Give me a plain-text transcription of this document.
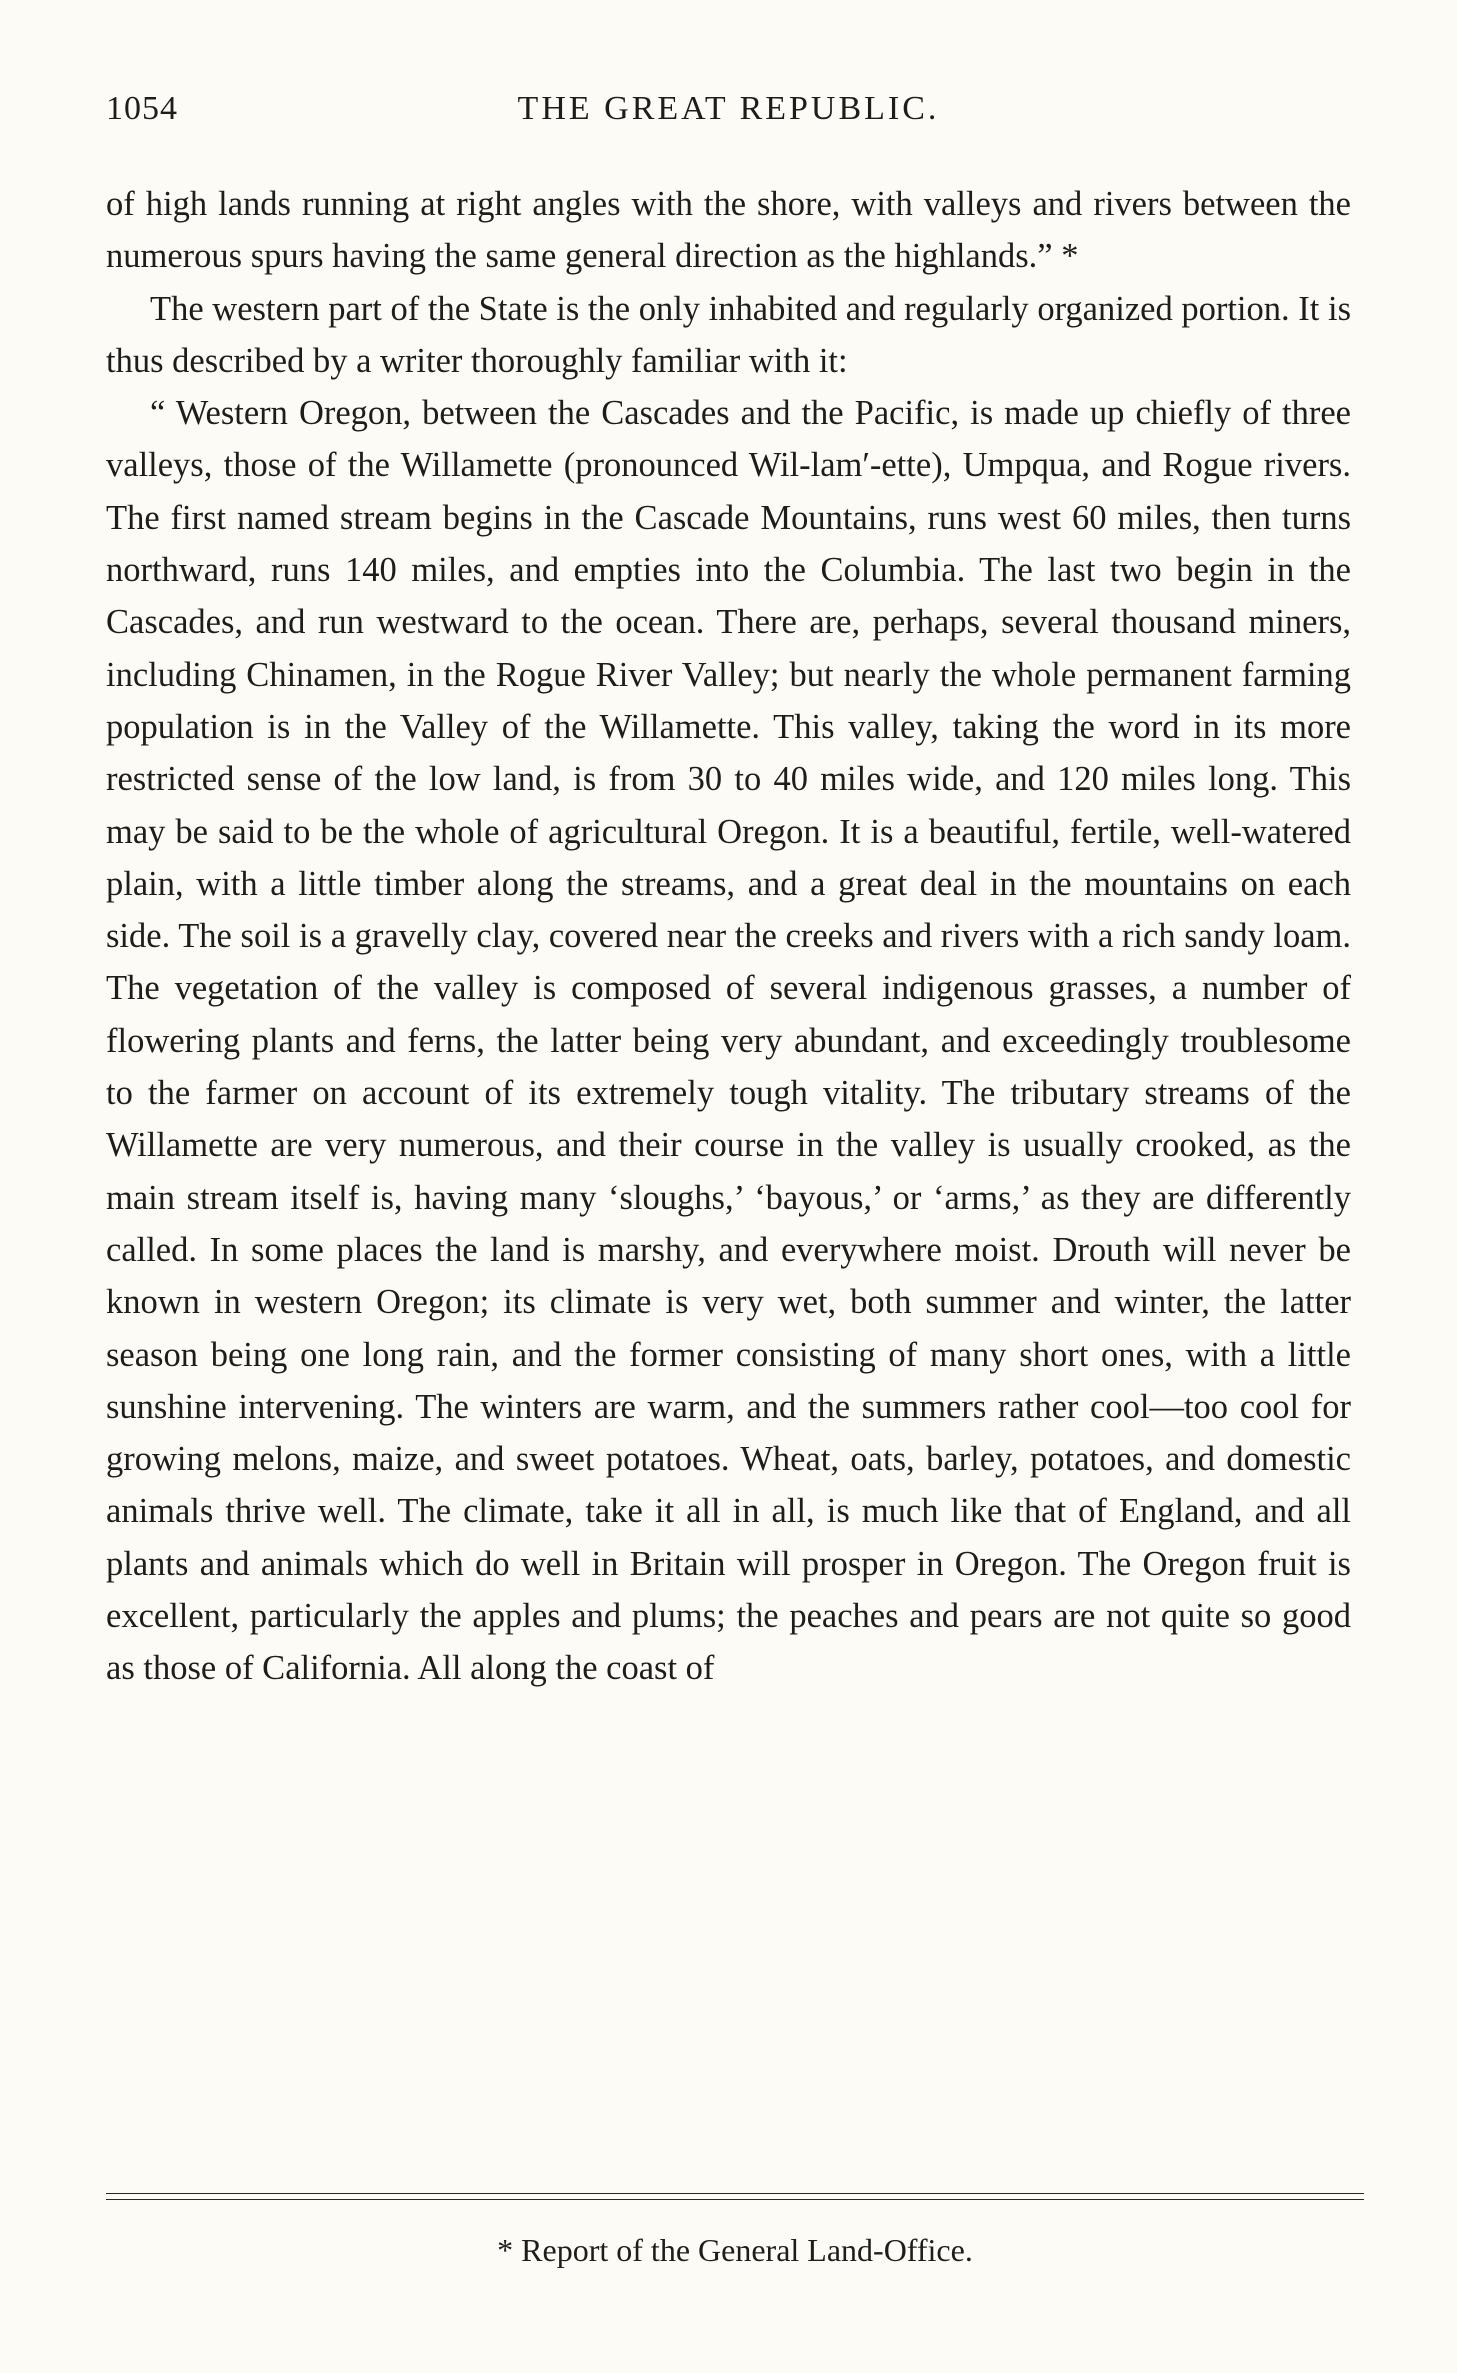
1054	THE GREAT REPUBLIC.

of high lands running at right angles with the shore, with valleys and rivers between the numerous spurs having the same general direction as the highlands.” *

The western part of the State is the only inhabited and regularly organized portion. It is thus described by a writer thoroughly familiar with it:

“ Western Oregon, between the Cascades and the Pacific, is made up chiefly of three valleys, those of the Willamette (pronounced Wil-lam′-ette), Umpqua, and Rogue rivers. The first named stream begins in the Cascade Mountains, runs west 60 miles, then turns northward, runs 140 miles, and empties into the Columbia. The last two begin in the Cascades, and run westward to the ocean. There are, perhaps, several thousand miners, including Chinamen, in the Rogue River Valley; but nearly the whole permanent farming population is in the Valley of the Willamette. This valley, taking the word in its more restricted sense of the low land, is from 30 to 40 miles wide, and 120 miles long. This may be said to be the whole of agricultural Oregon. It is a beautiful, fertile, well-watered plain, with a little timber along the streams, and a great deal in the mountains on each side. The soil is a gravelly clay, covered near the creeks and rivers with a rich sandy loam. The vegetation of the valley is composed of several indigenous grasses, a number of flowering plants and ferns, the latter being very abundant, and exceedingly troublesome to the farmer on account of its extremely tough vitality. The tributary streams of the Willamette are very numerous, and their course in the valley is usually crooked, as the main stream itself is, having many ‘sloughs,’ ‘bayous,’ or ‘arms,’ as they are differently called. In some places the land is marshy, and everywhere moist. Drouth will never be known in western Oregon; its climate is very wet, both summer and winter, the latter season being one long rain, and the former consisting of many short ones, with a little sunshine intervening. The winters are warm, and the summers rather cool—too cool for growing melons, maize, and sweet potatoes. Wheat, oats, barley, potatoes, and domestic animals thrive well. The climate, take it all in all, is much like that of England, and all plants and animals which do well in Britain will prosper in Oregon. The Oregon fruit is excellent, particularly the apples and plums; the peaches and pears are not quite so good as those of California. All along the coast of

* Report of the General Land-Office.
